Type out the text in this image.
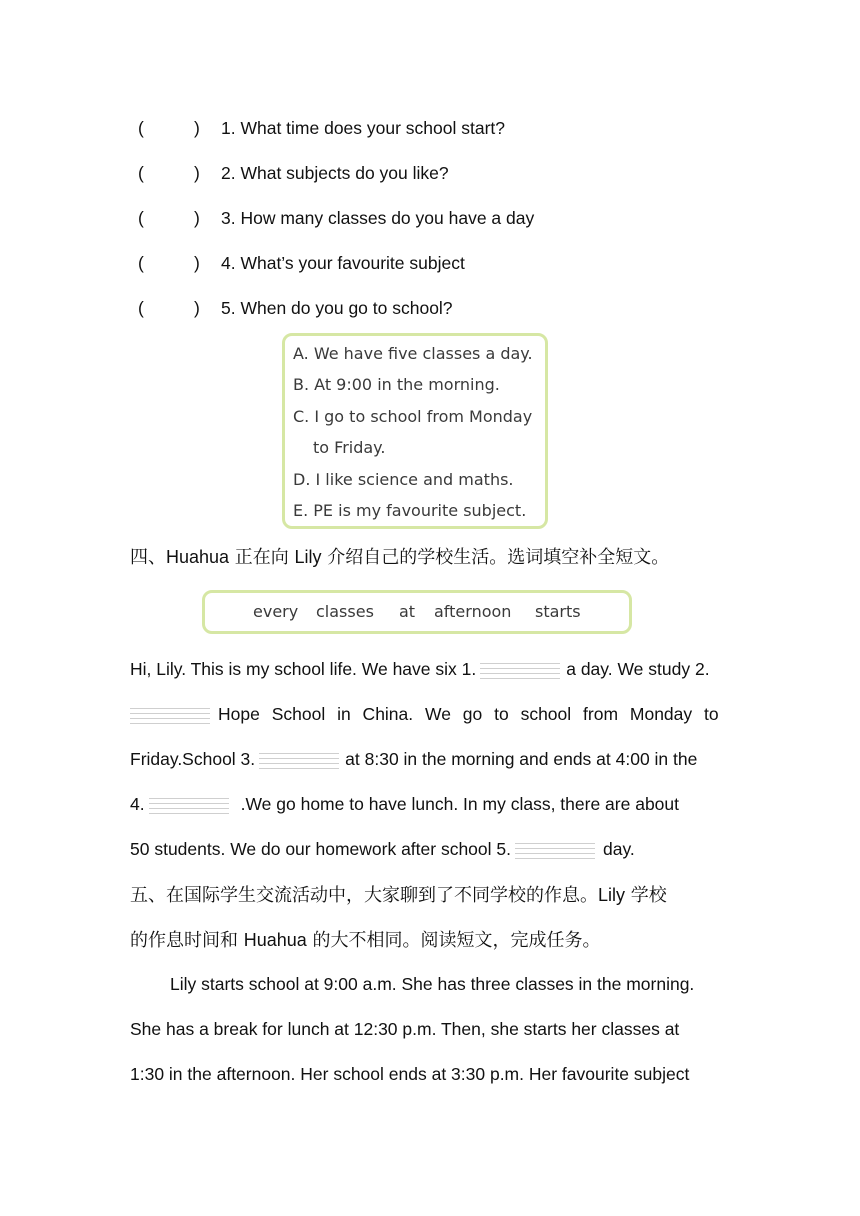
(	) 1. What time does your school start?
(	) 2. What subjects do you like?
(	) 3. How many classes do you have a day
(	) 4. What’s your favourite subject
(	) 5. When do you go to school?
A. We have five classes a day.
B. At 9:00 in the morning.
C. I go to school from Monday
to Friday.
D. I like science and maths.
E. PE is my favourite subject.
四、Huahua 正在向 Lily 介绍自己的学校生活。选词填空补全短文。
every classes at afternoon starts
Hi, Lily. This is my school life. We have six 1.	a day. We study 2.
Hope School in China. We go to school from Monday to
Friday.School 3.	at 8:30 in the morning and ends at 4:00 in the
4.	.We go home to have lunch. In my class, there are about
50 students. We do our homework after school 5.	day.
五、在国际学生交流活动中，大家聊到了不同学校的作息。Lily 学校
的作息时间和 Huahua 的大不相同。阅读短文，完成任务。
Lily starts school at 9:00 a.m. She has three classes in the morning.
She has a break for lunch at 12:30 p.m. Then, she starts her classes at
1:30 in the afternoon. Her school ends at 3:30 p.m. Her favourite subject
